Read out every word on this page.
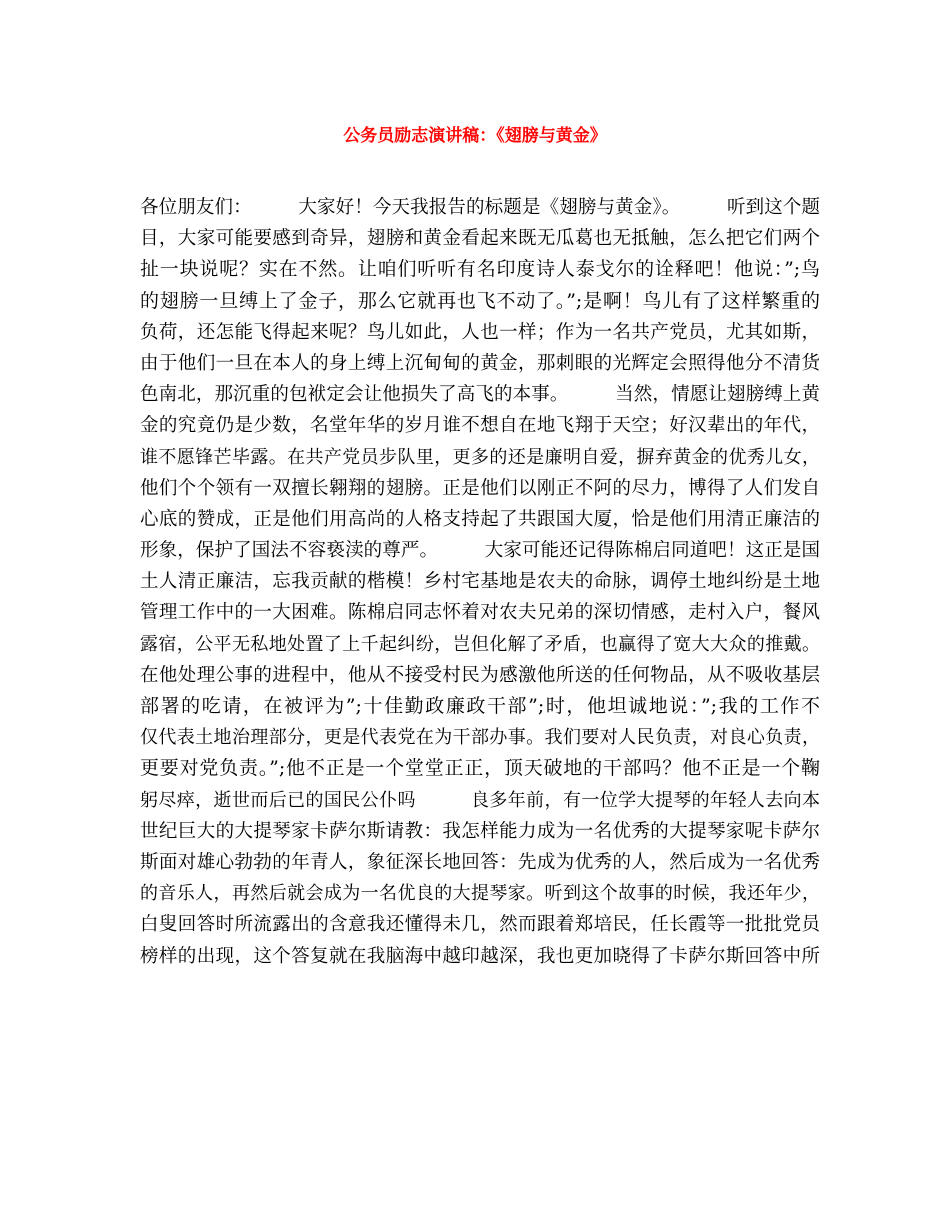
公务员励志演讲稿：《翅膀与黄金》
各位朋友们：　　　大家好！今天我报告的标题是《翅膀与黄金》。　　　听到这个题
目，大家可能要感到奇异，翅膀和黄金看起来既无瓜葛也无抵触，怎么把它们两个
扯一块说呢？实在不然。让咱们听听有名印度诗人泰戈尔的诠释吧！他说：”;鸟
的翅膀一旦缚上了金子，那么它就再也飞不动了。”;是啊！鸟儿有了这样繁重的
负荷，还怎能飞得起来呢？鸟儿如此，人也一样；作为一名共产党员，尤其如斯，
由于他们一旦在本人的身上缚上沉甸甸的黄金，那刺眼的光辉定会照得他分不清货
色南北，那沉重的包袱定会让他损失了高飞的本事。　　　当然，情愿让翅膀缚上黄
金的究竟仍是少数，名堂年华的岁月谁不想自在地飞翔于天空；好汉辈出的年代，
谁不愿锋芒毕露。在共产党员步队里，更多的还是廉明自爱，摒弃黄金的优秀儿女，
他们个个领有一双擅长翱翔的翅膀。正是他们以刚正不阿的尽力，博得了人们发自
心底的赞成，正是他们用高尚的人格支持起了共跟国大厦，恰是他们用清正廉洁的
形象，保护了国法不容亵渎的尊严。　　　大家可能还记得陈棉启同道吧！这正是国
土人清正廉洁，忘我贡献的楷模！乡村宅基地是农夫的命脉，调停土地纠纷是土地
管理工作中的一大困难。陈棉启同志怀着对农夫兄弟的深切情感，走村入户，餐风
露宿，公平无私地处置了上千起纠纷，岂但化解了矛盾，也赢得了宽大大众的推戴。
在他处理公事的进程中，他从不接受村民为感激他所送的任何物品，从不吸收基层
部署的吃请，在被评为”;十佳勤政廉政干部”;时，他坦诚地说：”;我的工作不
仅代表土地治理部分，更是代表党在为干部办事。我们要对人民负责，对良心负责，
更要对党负责。”;他不正是一个堂堂正正，顶天破地的干部吗？他不正是一个鞠
躬尽瘁，逝世而后已的国民公仆吗　　　良多年前，有一位学大提琴的年轻人去向本
世纪巨大的大提琴家卡萨尔斯请教：我怎样能力成为一名优秀的大提琴家呢卡萨尔
斯面对雄心勃勃的年青人，象征深长地回答：先成为优秀的人，然后成为一名优秀
的音乐人，再然后就会成为一名优良的大提琴家。听到这个故事的时候，我还年少，
白叟回答时所流露出的含意我还懂得未几，然而跟着郑培民，任长霞等一批批党员
榜样的出现，这个答复就在我脑海中越印越深，我也更加晓得了卡萨尔斯回答中所
